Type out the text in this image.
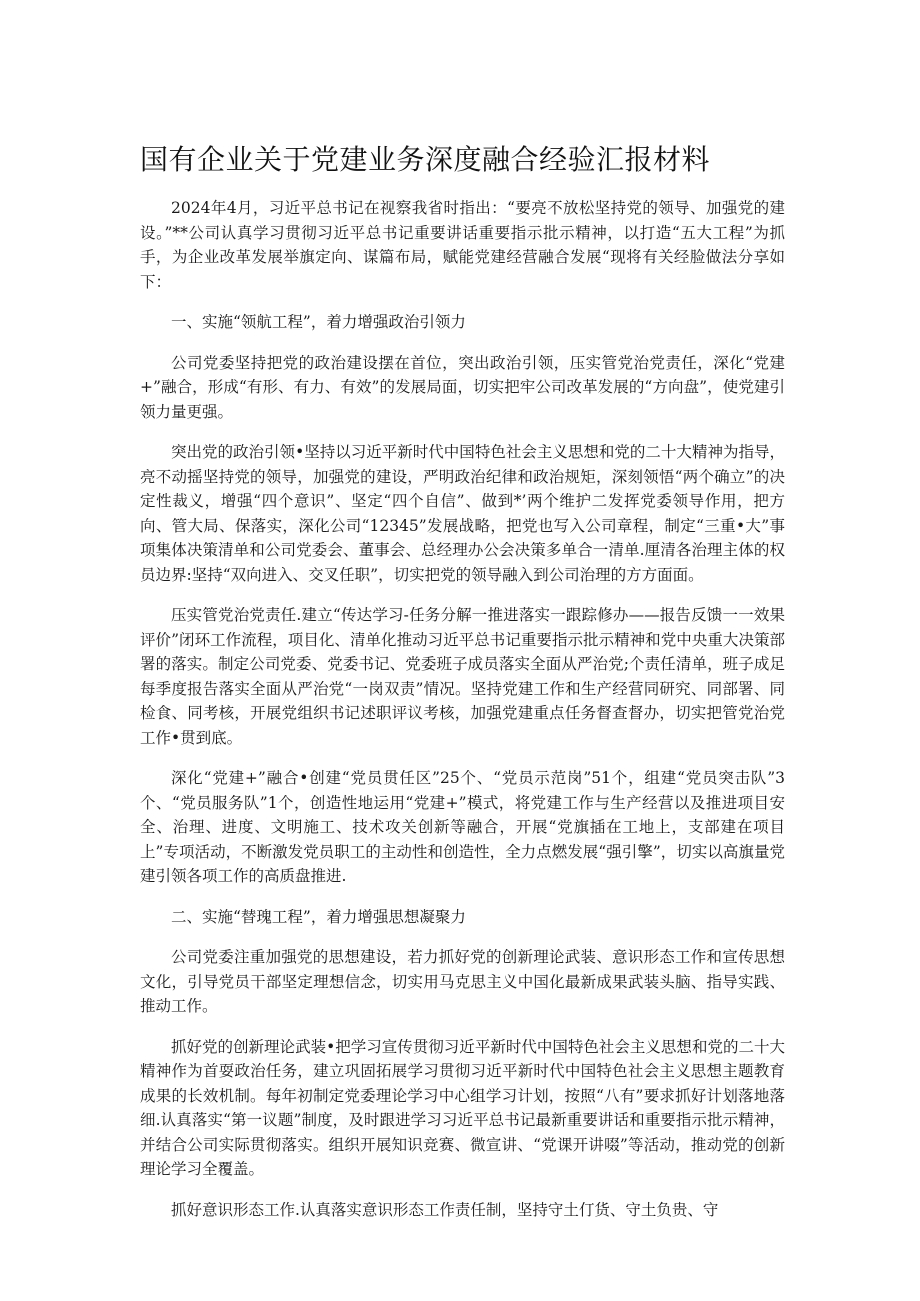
国有企业关于党建业务深度融合经验汇报材料

2024年4月，习近平总书记在视察我省时指出：“要亮不放松坚持党的领导、加强党的建设。”**公司认真学习贯彻习近平总书记重要讲话重要指示批示精神，以打造“五大工程”为抓手，为企业改革发展举旗定向、谋篇布局，赋能党建经营融合发展“现将有关经脸做法分享如下：

一、实施“领航工程”，着力增强政治引领力

公司党委坚持把党的政治建设摆在首位，突出政治引领，压实管党治党责任，深化“党建+”融合，形成“有形、有力、有效”的发展局面，切实把牢公司改革发展的“方向盘”，使党建引领力量更强。

突出党的政治引领•坚持以习近平新时代中国特色社会主义思想和党的二十大精神为指导，亮不动摇坚持党的领导，加强党的建设，严明政治纪律和政治规矩，深刻领悟“两个确立”的决定性裁义，增强“四个意识”、坚定“四个自信”、做到*’两个维护二发挥党委领导作用，把方向、管大局、保落实，深化公司“12345”发展战略，把党也写入公司章程，制定“三重•大”事项集体决策清单和公司党委会、董事会、总经理办公会决策多单合一清单.厘清各治理主体的权员边界:坚持“双向进入、交叉任职”，切实把党的领导融入到公司治理的方方面面。

压实管党治党责任.建立“传达学习-任务分解一推进落实一跟踪修办——报告反馈一一效果评价”闭环工作流程，项目化、清单化推动习近平总书记重要指示批示精神和党中央重大决策部署的落实。制定公司党委、党委书记、党委班子成员落实全面从严治党;个责任清单，班子成足每季度报告落实全面从严治党“一岗双责”情况。坚持党建工作和生产经营同研究、同部署、同检食、同考核，开展党组织书记述职评议考核，加强党建重点任务督查督办，切实把管党治党工作•贯到底。

深化“党建+”融合•创建“党员贯任区”25个、“党员示范岗”51个，组建“党员突击队”3个、“党员服务队”1个，创造性地运用“党建+”模式，将党建工作与生产经营以及推进项目安全、治理、进度、文明施工、技术攻关创新等融合，开展“党旗插在工地上，支部建在项目上”专项活动，不断激发党员职工的主动性和创造性，全力点燃发展“强引擎”，切实以高旗量党建引领各项工作的高质盘推进.

二、实施“替瑰工程”，着力增强思想凝聚力

公司党委注重加强党的思想建设，若力抓好党的创新理论武装、意识形态工作和宣传思想文化，引导党员干部坚定理想信念，切实用马克思主义中国化最新成果武装头脑、指导实践、推动工作。

抓好党的创新理论武装•把学习宣传贯彻习近平新时代中国特色社会主义思想和党的二十大精神作为首耍政治任务，建立巩固拓展学习贯彻习近平新时代中国特色社会主义思想主题教育成果的长效机制。每年初制定党委理论学习中心组学习计划，按照“八有”要求抓好计划落地落细.认真落实“第一议题”制度，及时跟进学习习近平总书记最新重要讲话和重要指示批示精神，并结合公司实际贯彻落实。组织开展知识竞赛、微宣讲、“党课开讲啜”等活动，推动党的创新理论学习全覆盖。

抓好意识形态工作.认真落实意识形态工作责任制，坚持守土仃货、守土负贵、守
